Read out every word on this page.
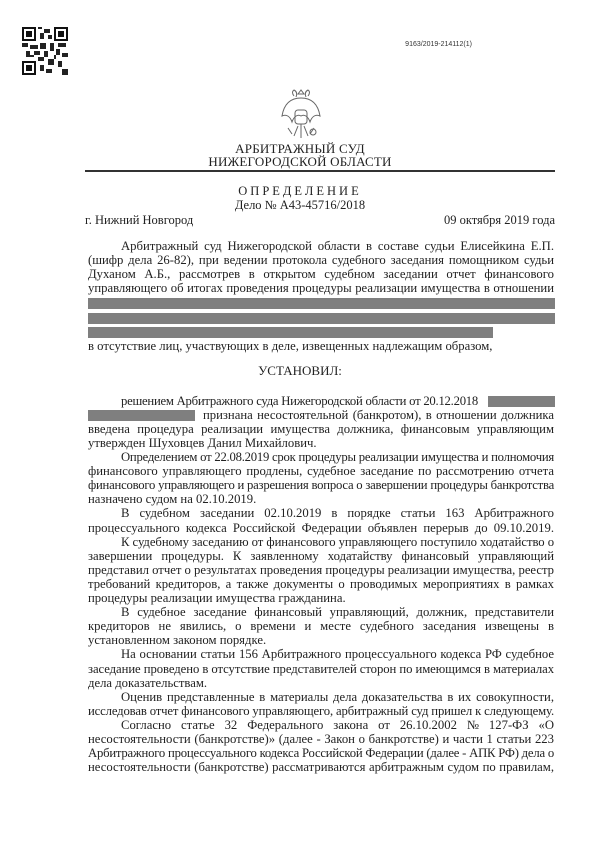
9163/2019-214112(1)
АРБИТРАЖНЫЙ СУД
НИЖЕГОРОДСКОЙ ОБЛАСТИ
ОПРЕДЕЛЕНИЕ
Дело № А43-45716/2018
г. Нижний Новгород	09 октября 2019 года
Арбитражный суд Нижегородской области в составе судьи Елисейкина Е.П.
(шифр дела 26-82), при ведении протокола судебного заседания помощником судьи
Духаном А.Б., рассмотрев в открытом судебном заседании отчет финансового
управляющего об итогах проведения процедуры реализации имущества в отношении
в отсутствие лиц, участвующих в деле, извещенных надлежащим образом,
УСТАНОВИЛ:
решением Арбитражного суда Нижегородской области от 20.12.2018
признана несостоятельной (банкротом), в отношении должника
введена процедура реализации имущества должника, финансовым управляющим
утвержден Шуховцев Данил Михайлович.
Определением от 22.08.2019 срок процедуры реализации имущества и полномочия
финансового управляющего продлены, судебное заседание по рассмотрению отчета
финансового управляющего и разрешения вопроса о завершении процедуры банкротства
назначено судом на 02.10.2019.
В судебном заседании 02.10.2019 в порядке статьи 163 Арбитражного
процессуального кодекса Российской Федерации объявлен перерыв до 09.10.2019.
К судебному заседанию от финансового управляющего поступило ходатайство о
завершении процедуры. К заявленному ходатайству финансовый управляющий
представил отчет о результатах проведения процедуры реализации имущества, реестр
требований кредиторов, а также документы о проводимых мероприятиях в рамках
процедуры реализации имущества гражданина.
В судебное заседание финансовый управляющий, должник, представители
кредиторов не явились, о времени и месте судебного заседания извещены в
установленном законом порядке.
На основании статьи 156 Арбитражного процессуального кодекса РФ судебное
заседание проведено в отсутствие представителей сторон по имеющимся в материалах
дела доказательствам.
Оценив представленные в материалы дела доказательства в их совокупности,
исследовав отчет финансового управляющего, арбитражный суд пришел к следующему.
Согласно статье 32 Федерального закона от 26.10.2002 № 127-ФЗ «О
несостоятельности (банкротстве)» (далее - Закон о банкротстве) и части 1 статьи 223
Арбитражного процессуального кодекса Российской Федерации (далее - АПК РФ) дела о
несостоятельности (банкротстве) рассматриваются арбитражным судом по правилам,
